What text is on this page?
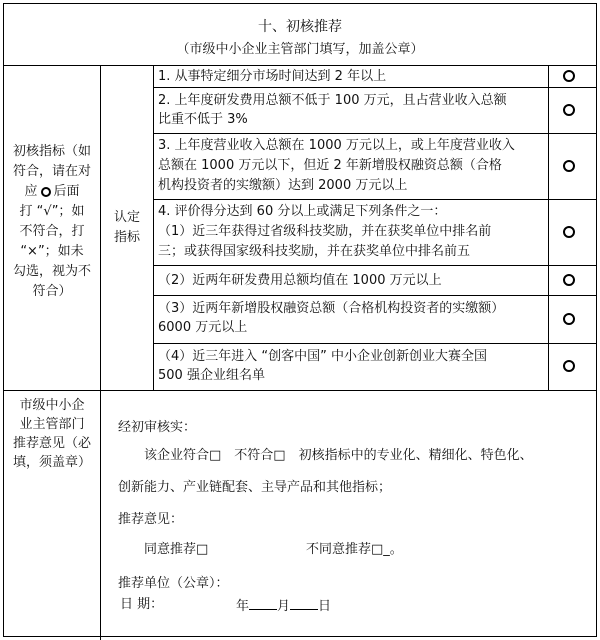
十、初核推荐
（市级中小企业主管部门填写，加盖公章）
初核指标（如
符合，请在对
应 后面
打 “√”；如
不符合，打
“×”；如未
勾选，视为不
符合）
认定
指标
1. 从事特定细分市场时间达到 2 年以上
2. 上年度研发费用总额不低于 100 万元，且占营业收入总额
比重不低于 3%
3. 上年度营业收入总额在 1000 万元以上，或上年度营业收入
总额在 1000 万元以下，但近 2 年新增股权融资总额（合格
机构投资者的实缴额）达到 2000 万元以上
4. 评价得分达到 60 分以上或满足下列条件之一：
（1）近三年获得过省级科技奖励，并在获奖单位中排名前
三；或获得国家级科技奖励，并在获奖单位中排名前五
（2）近两年研发费用总额均值在 1000 万元以上
（3）近两年新增股权融资总额（合格机构投资者的实缴额）
6000 万元以上
（4）近三年进入 “创客中国” 中小企业创新创业大赛全国
500 强企业组名单
市级中小企
业主管部门
推荐意见（必
填，须盖章）
经初审核实：
该企业符合□　不符合□　初核指标中的专业化、精细化、特色化、
创新能力、产业链配套、主导产品和其他指标；
推荐意见：
同意推荐□	不同意推荐□_。
推荐单位（公章）：
日 期：	年 月 日
